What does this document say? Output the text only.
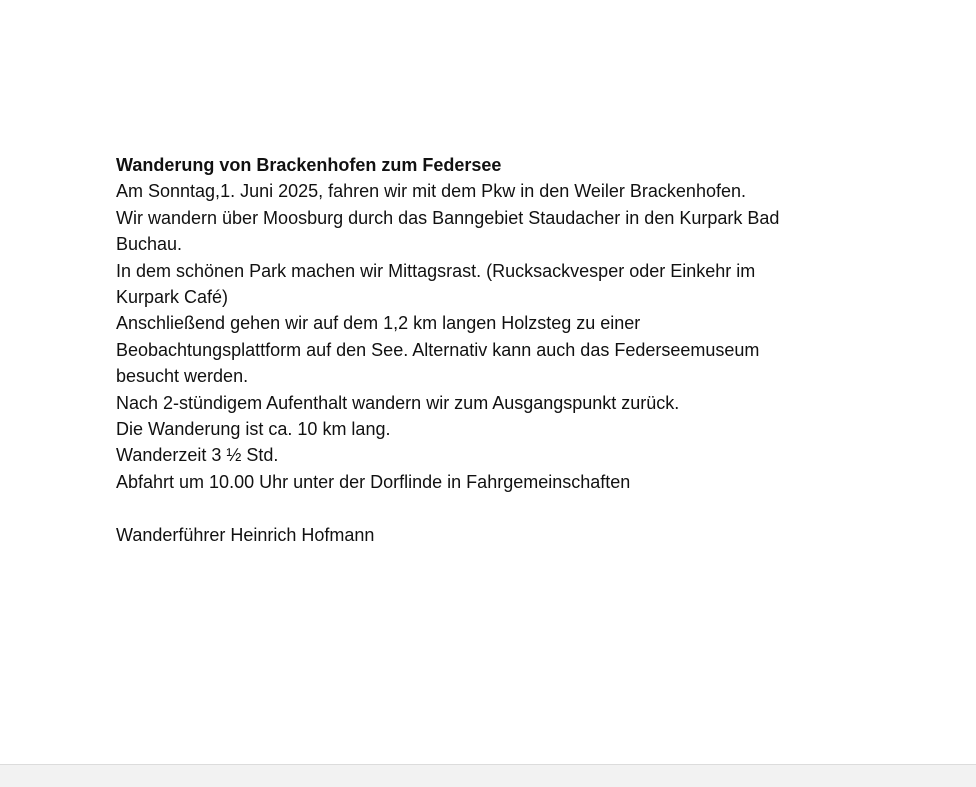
Wanderung von Brackenhofen zum Federsee

Am Sonntag,1. Juni 2025, fahren wir mit dem Pkw in den Weiler Brackenhofen.

Wir wandern über Moosburg durch das Banngebiet Staudacher in den Kurpark Bad Buchau.

In dem schönen Park machen wir Mittagsrast. (Rucksackvesper oder Einkehr im Kurpark Café)

Anschließend gehen wir auf dem 1,2 km langen Holzsteg zu einer Beobachtungsplattform auf den See. Alternativ kann auch das Federseemuseum besucht werden.

Nach 2-stündigem Aufenthalt wandern wir zum Ausgangspunkt zurück.

Die Wanderung ist ca. 10 km lang.

Wanderzeit 3 ½ Std.

Abfahrt um 10.00 Uhr unter der Dorflinde in Fahrgemeinschaften

Wanderführer Heinrich Hofmann
